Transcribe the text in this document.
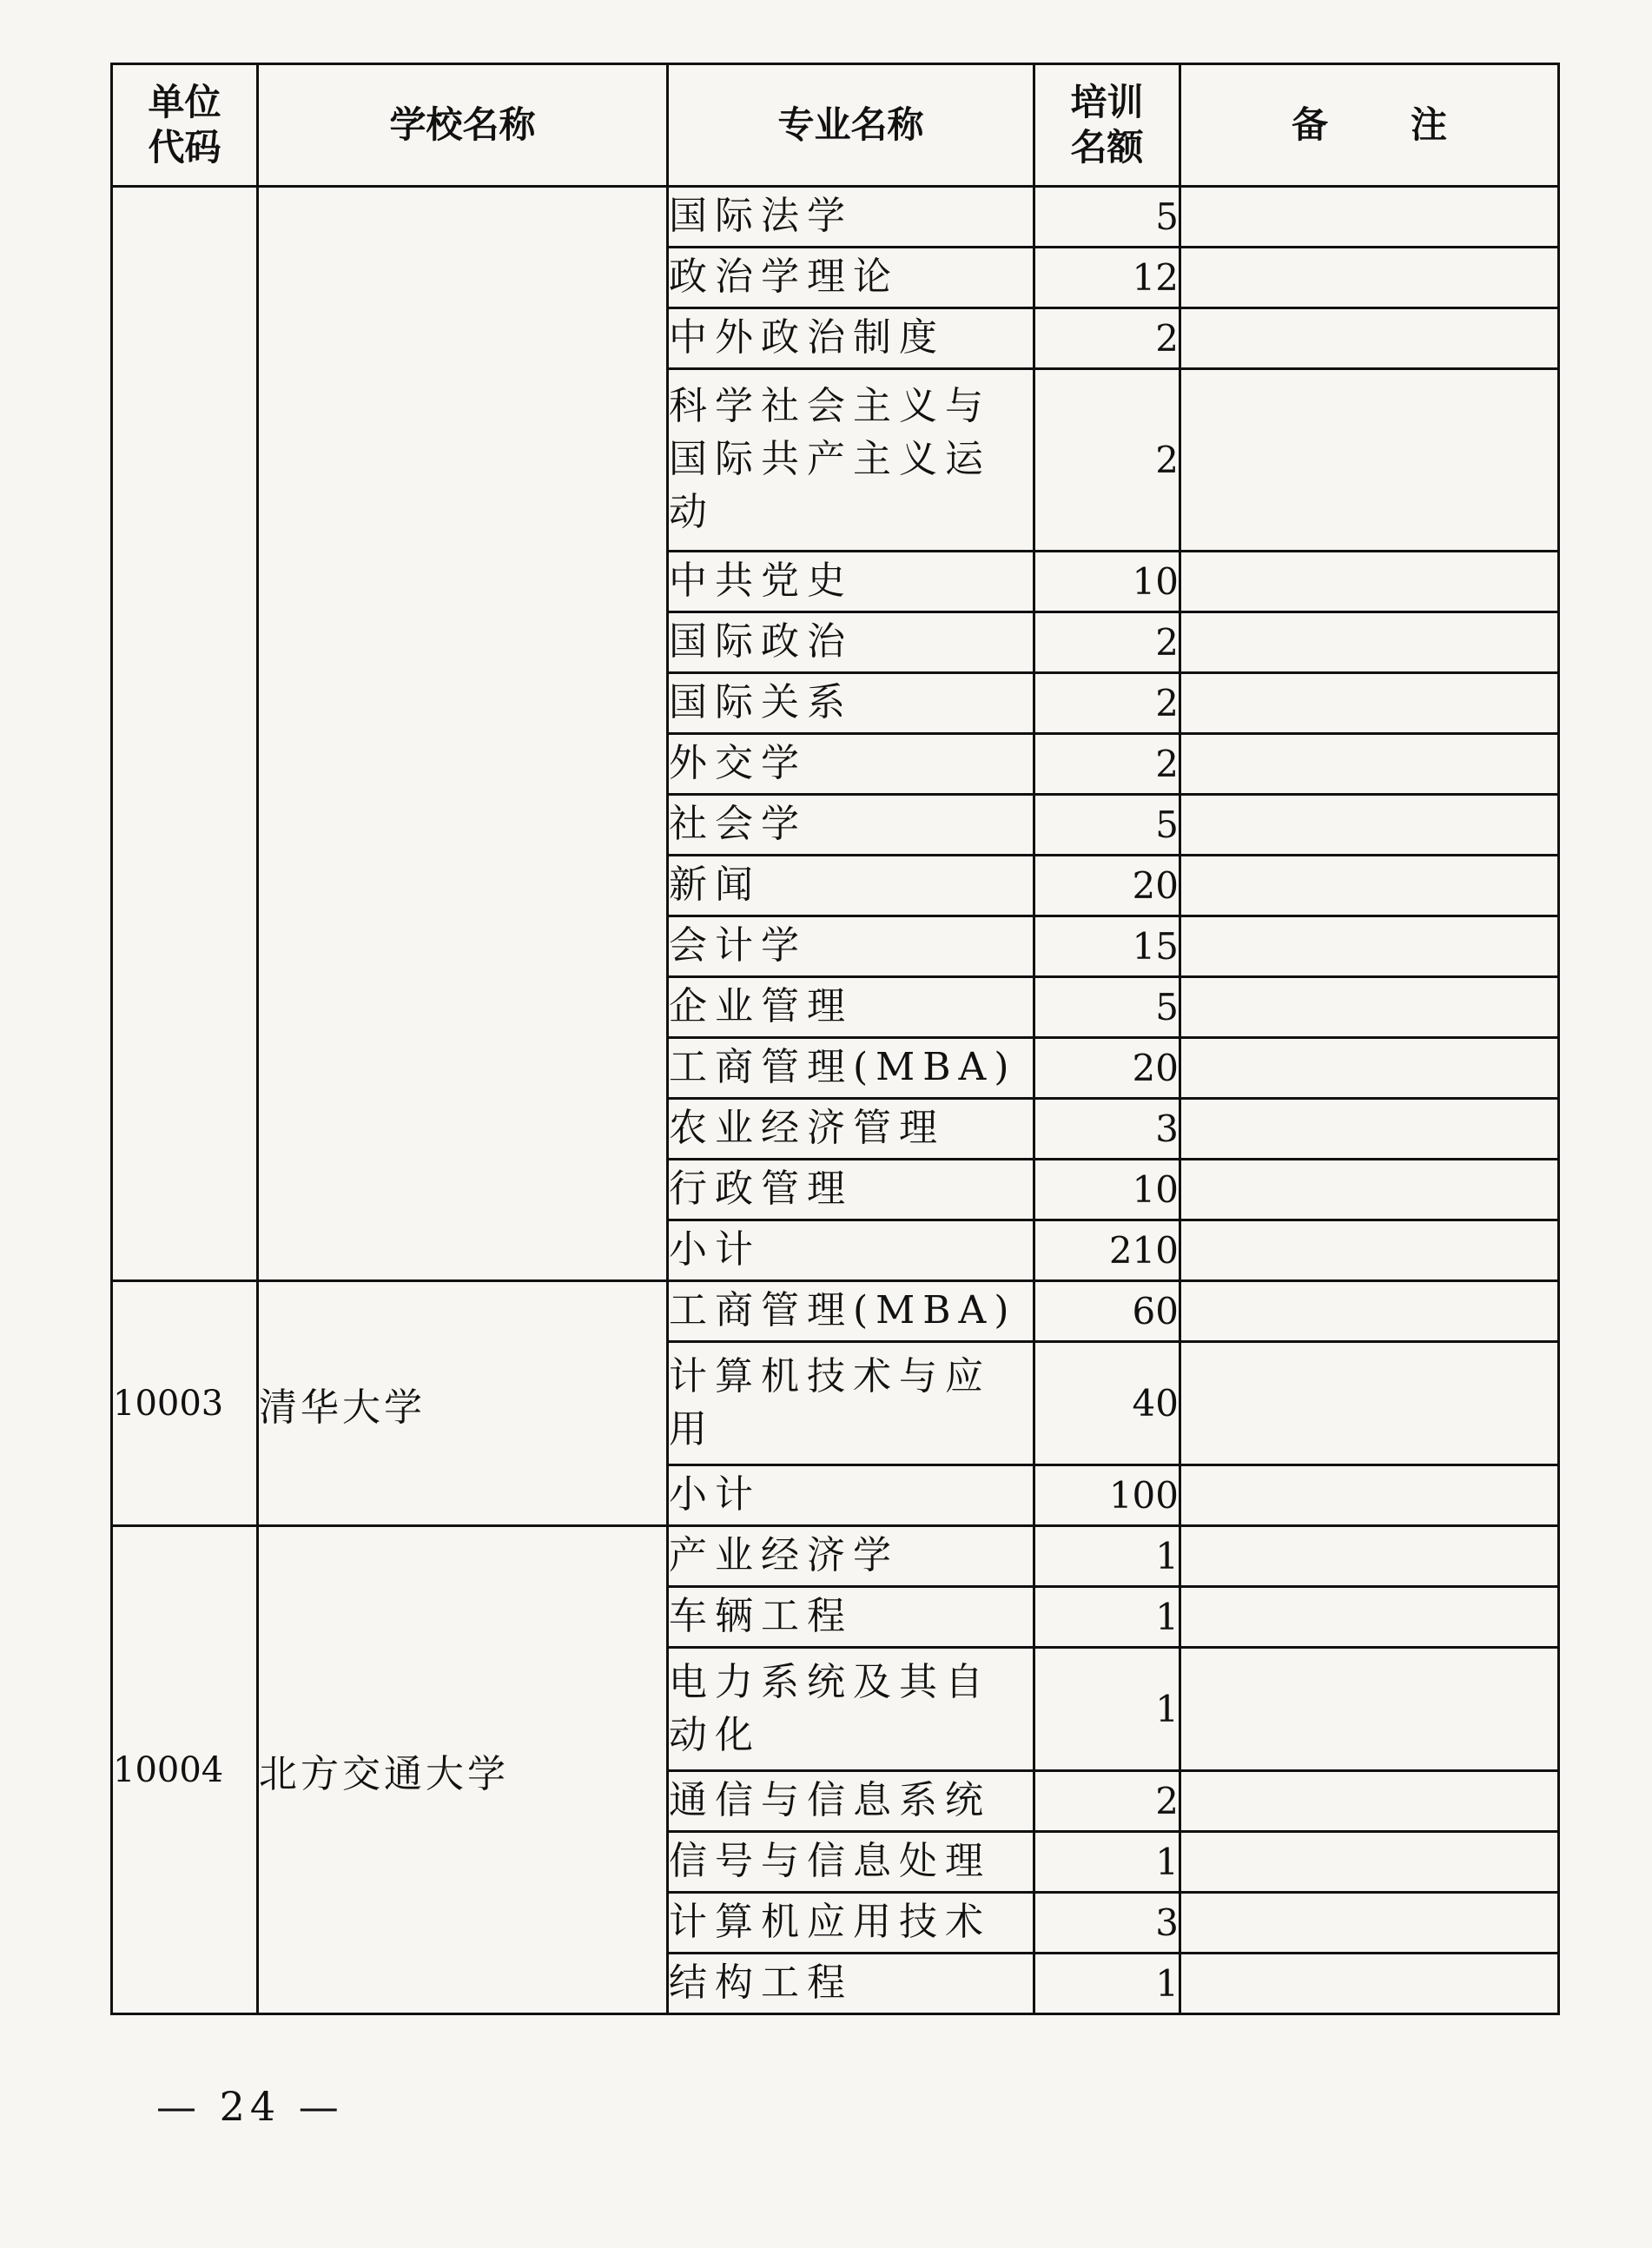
单位代码	学校名称	专业名称	培训名额	备 注
		国际法学	5	
		政治学理论	12	
		中外政治制度	2	
		科学社会主义与国际共产主义运动	2	
		中共党史	10	
		国际政治	2	
		国际关系	2	
		外交学	2	
		社会学	5	
		新闻	20	
		会计学	15	
		企业管理	5	
		工商管理(MBA)	20	
		农业经济管理	3	
		行政管理	10	
		小计	210	
10003	清华大学	工商管理(MBA)	60	
		计算机技术与应用	40	
		小计	100	
10004	北方交通大学	产业经济学	1	
		车辆工程	1	
		电力系统及其自动化	1	
		通信与信息系统	2	
		信号与信息处理	1	
		计算机应用技术	3	
		结构工程	1	
— 24 —
